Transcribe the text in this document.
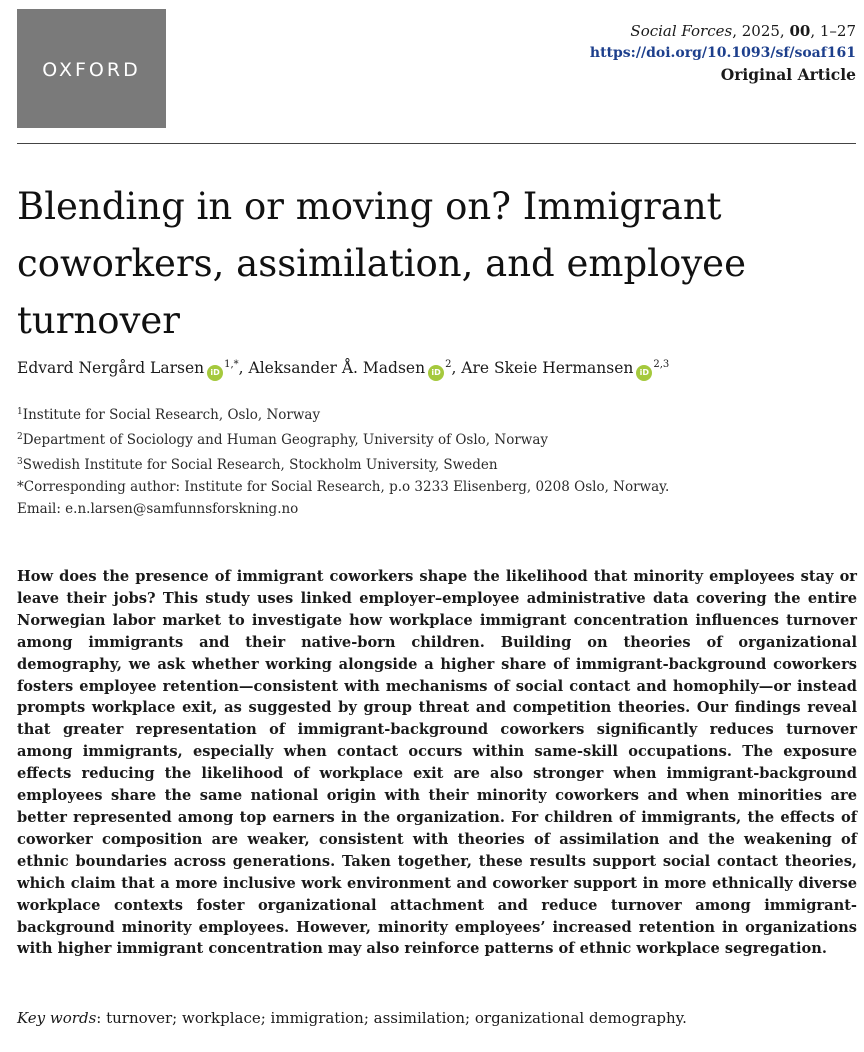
OXFORD
Social Forces, 2025, 00, 1–27
https://doi.org/10.1093/sf/soaf161
Original Article
Blending in or moving on? Immigrant coworkers, assimilation, and employee turnover
Edvard Nergård Larsen $iD^{1,*}$, Aleksander Å. Madsen $iD^2$, Are Skeie Hermansen iD$^{2,3}$
$^1$Institute for Social Research, Oslo, Norway
$^2$Department of Sociology and Human Geography, University of Oslo, Norway
$^3$Swedish Institute for Social Research, Stockholm University, Sweden
*Corresponding author: Institute for Social Research, p.o 3233 Elisenberg, 0208 Oslo, Norway.
Email: e.n.larsen@samfunnsforskning.no

How does the presence of immigrant coworkers shape the likelihood that minority employees stay or leave their jobs? This study uses linked employer–employee administrative data covering the entire Norwegian labor market to investigate how workplace immigrant concentration influences turnover among immigrants and their native-born children. Building on theories of organizational demography, we ask whether working alongside a higher share of immigrant-background coworkers fosters employee retention—consistent with mechanisms of social contact and homophily—or instead prompts workplace exit, as suggested by group threat and competition theories. Our findings reveal that greater representation of immigrant-background coworkers significantly reduces turnover among immigrants, especially when contact occurs within same-skill occupations. The exposure effects reducing the likelihood of workplace exit are also stronger when immigrant-background employees share the same national origin with their minority coworkers and when minorities are better represented among top earners in the organization. For children of immigrants, the effects of coworker composition are weaker, consistent with theories of assimilation and the weakening of ethnic boundaries across generations. Taken together, these results support social contact theories, which claim that a more inclusive work environment and coworker support in more ethnically diverse workplace contexts foster organizational attachment and reduce turnover among immigrant-background minority employees. However, minority employees’ increased retention in organizations with higher immigrant concentration may also reinforce patterns of ethnic workplace segregation.

Key words: turnover; workplace; immigration; assimilation; organizational demography.
